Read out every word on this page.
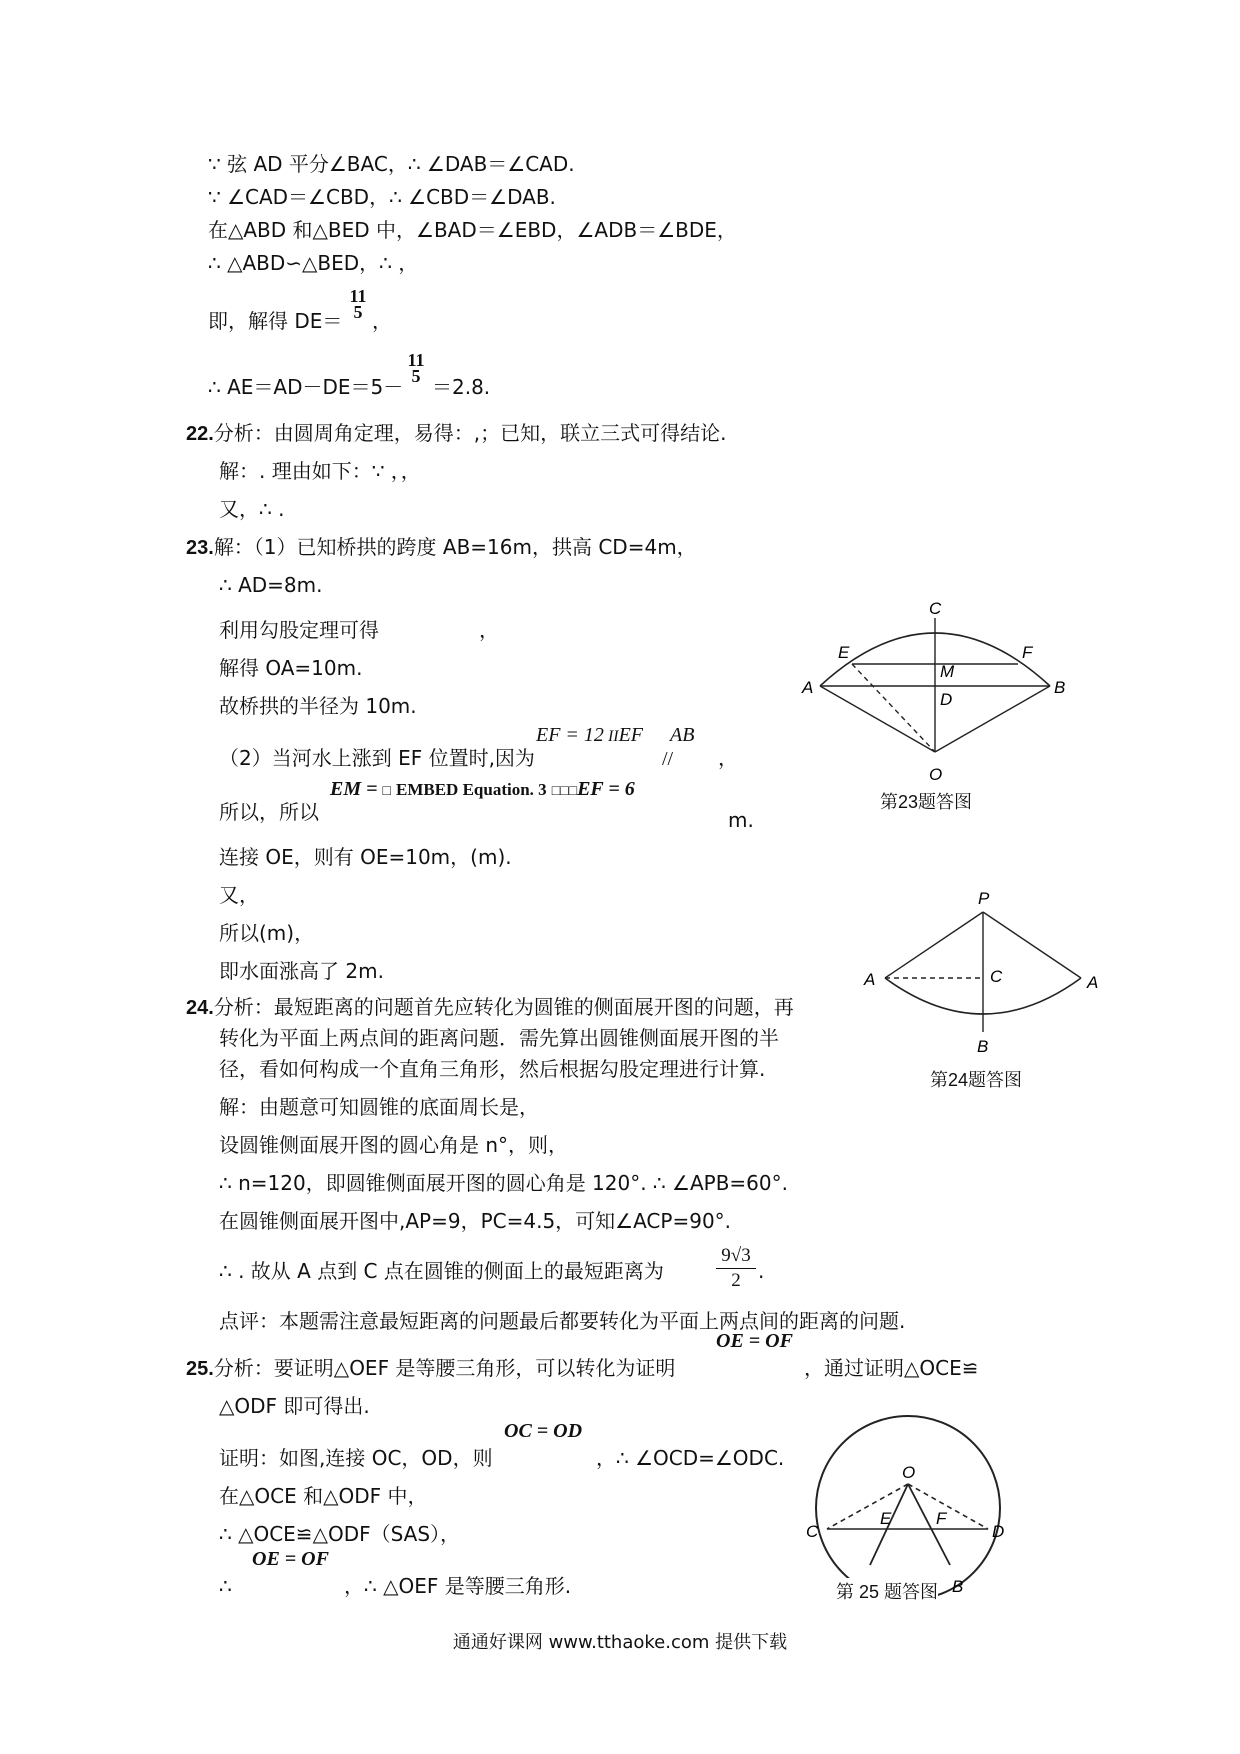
∵ 弦 AD 平分∠BAC，∴ ∠DAB＝∠CAD.
∵ ∠CAD＝∠CBD，∴ ∠CBD＝∠DAB.
在△ABD 和△BED 中，∠BAD＝∠EBD，∠ADB＝∠BDE，
∴ △ABD∽△BED，∴ ，
即，解得 DE＝
11
5 ，
∴ AE＝AD－DE＝5－
11
5 ＝2.8.
22.分析：由圆周角定理，易得：,；已知，联立三式可得结论.
解：. 理由如下：∵ ，，
又，∴ .
23.解：（1）已知桥拱的跨度 AB=16m，拱高 CD=4m，
∴ AD=8m.
利用勾股定理可得　　　　　，
解得 OA=10m.
故桥拱的半径为 10m.
（2）当河水上涨到 EF 位置时,因为
EF = 12 IIEF AB
// ，
所以，所以
EM = □ EMBED Equation. 3 □□□EF = 6
m.
连接 OE，则有 OE=10m，(m).
又，
所以(m)，
即水面涨高了 2m.
24.分析：最短距离的问题首先应转化为圆锥的侧面展开图的问题，再
转化为平面上两点间的距离问题．需先算出圆锥侧面展开图的半
径，看如何构成一个直角三角形，然后根据勾股定理进行计算.
解：由题意可知圆锥的底面周长是，
设圆锥侧面展开图的圆心角是 n°，则，
∴ n=120，即圆锥侧面展开图的圆心角是 120°. ∴ ∠APB=60°.
在圆锥侧面展开图中,AP=9，PC=4.5，可知∠ACP=90°.
∴ . 故从 A 点到 C 点在圆锥的侧面上的最短距离为	$\frac{9√3}{2}$ .
点评：本题需注意最短距离的问题最后都要转化为平面上两点间的距离的问题.
OE = OF
25.分析：要证明△OEF 是等腰三角形，可以转化为证明	，通过证明△OCE≌
△ODF 即可得出.
OC = OD
证明：如图,连接 OC，OD，则	，∴ ∠OCD=∠ODC.
在△OCE 和△ODF 中，
∴ △OCE≌△ODF（SAS），
OE = OF
∴	，∴ △OEF 是等腰三角形.
C
E	F
M
A
D
B
O
第23题答图
P
A	C	A
B
第24题答图
O
E	F
C	D
B
第 25 题答图
通通好课网 www.tthaoke.com 提供下载
